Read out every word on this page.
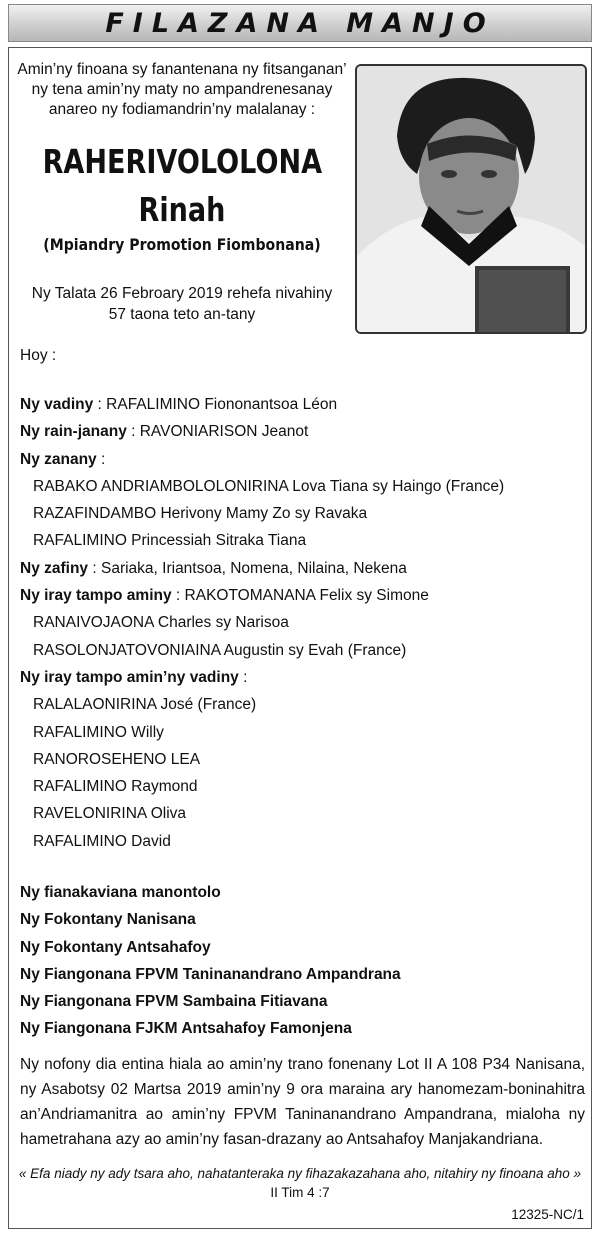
FILAZANA MANJO
Amin’ny finoana sy fanantenana ny fitsanganan’
ny tena amin’ny maty no ampandrenesanay
anareo ny fodiamandrin’ny malalanay :
RAHERIVOLOLONA
Rinah
(Mpiandry Promotion Fiombonana)
Ny Talata 26 Febroary 2019 rehefa nivahiny
57 taona teto an-tany
Hoy :
Ny vadiny : RAFALIMINO Fiononantsoa Léon
Ny rain-janany : RAVONIARISON Jeanot
Ny zanany :
RABAKO ANDRIAMBOLOLONIRINA Lova Tiana sy Haingo (France)
RAZAFINDAMBO Herivony Mamy Zo sy Ravaka
RAFALIMINO Princessiah Sitraka Tiana
Ny zafiny : Sariaka, Iriantsoa, Nomena, Nilaina, Nekena
Ny iray tampo aminy : RAKOTOMANANA Felix sy Simone
RANAIVOJAONA Charles sy Narisoa
RASOLONJATOVONIAINA Augustin sy Evah (France)
Ny iray tampo amin’ny vadiny :
RALALAONIRINA José (France)
RAFALIMINO Willy
RANOROSEHENO LEA
RAFALIMINO Raymond
RAVELONIRINA Oliva
RAFALIMINO David
Ny fianakaviana manontolo
Ny Fokontany Nanisana
Ny Fokontany Antsahafoy
Ny Fiangonana FPVM Taninanandrano Ampandrana
Ny Fiangonana FPVM Sambaina Fitiavana
Ny Fiangonana FJKM Antsahafoy Famonjena
Ny nofony dia entina hiala ao amin’ny trano fonenany Lot II A 108 P34 Nanisana, ny Asabotsy 02 Martsa 2019 amin’ny 9 ora maraina ary hanomezam-boninahitra an’Andriamanitra ao amin’ny FPVM Taninanandrano Ampandrana, mialoha ny hametrahana azy ao amin’ny fasan-drazany ao Antsahafoy Manjakandriana.
« Efa niady ny ady tsara aho, nahatanteraka ny fihazakazahana aho, nitahiry ny finoana aho »
II Tim 4 :7
12325-NC/1
